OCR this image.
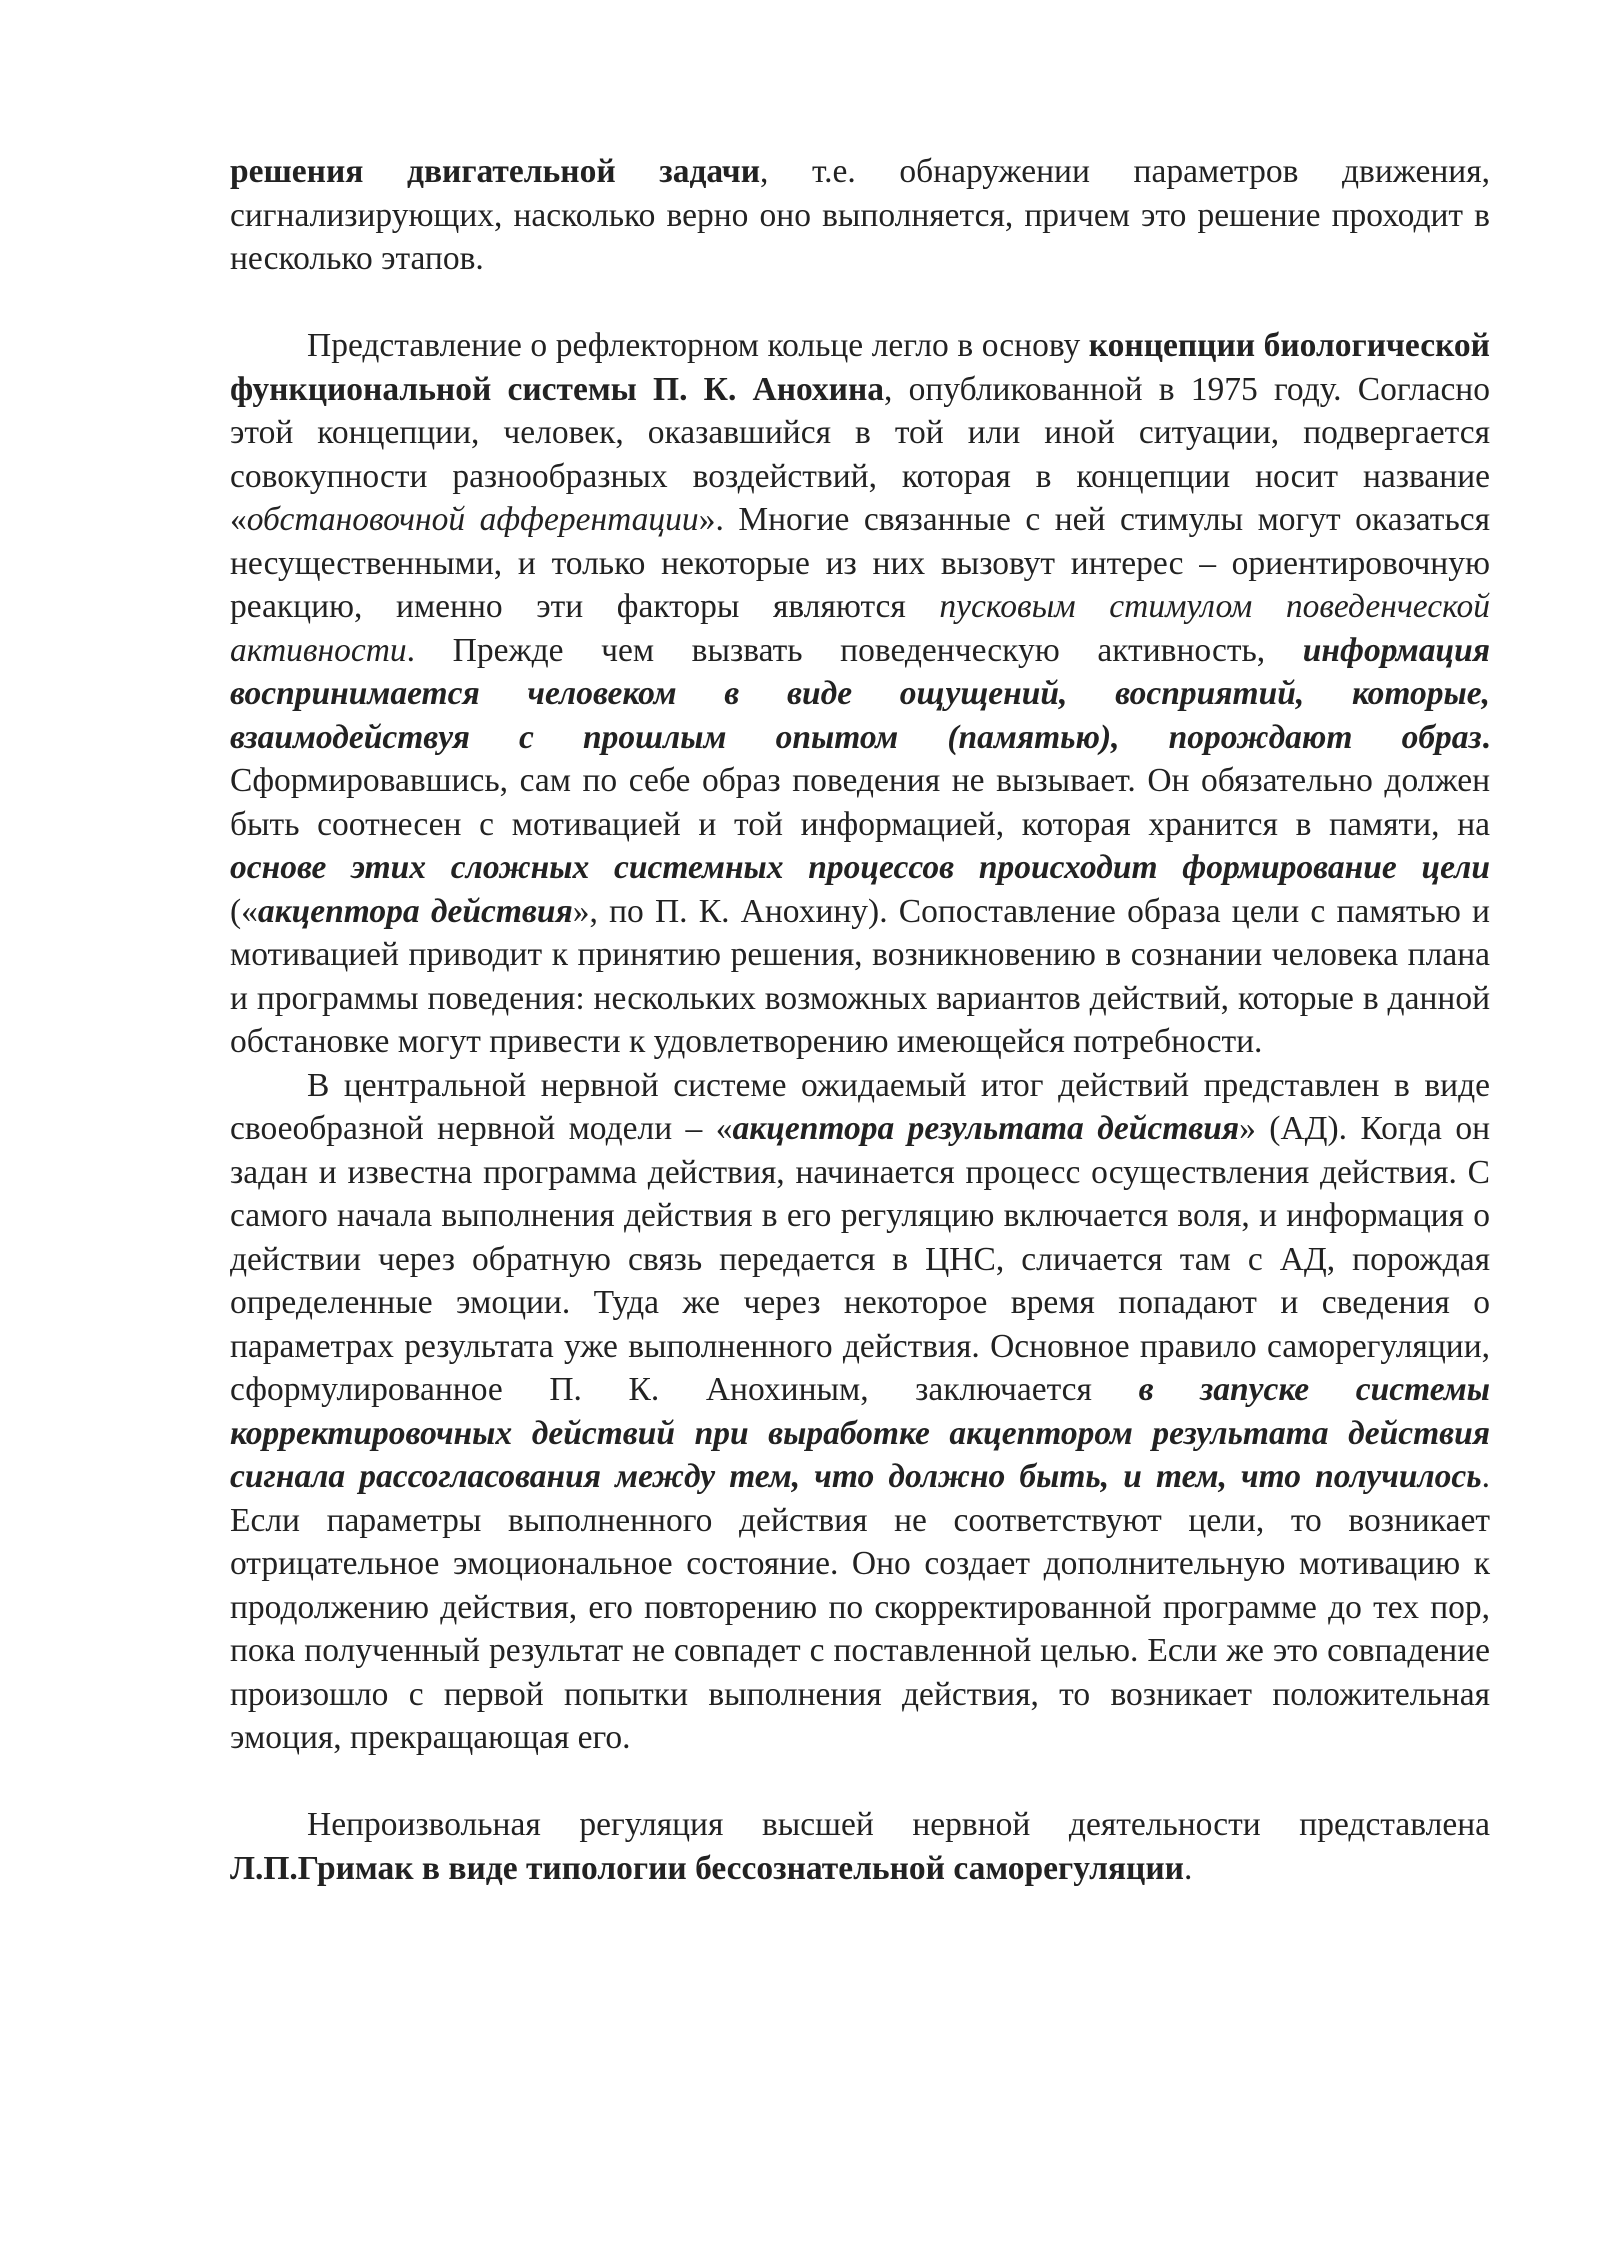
решения двигательной задачи, т.е. обнаружении параметров движения, сигнализирующих, насколько верно оно выполняется, причем это решение проходит в несколько этапов.

Представление о рефлекторном кольце легло в основу концепции биологической функциональной системы П. К. Анохина, опубликованной в 1975 году. Согласно этой концепции, человек, оказавшийся в той или иной ситуации, подвергается совокупности разнообразных воздействий, которая в концепции носит название «обстановочной афферентации». Многие связанные с ней стимулы могут оказаться несущественными, и только некоторые из них вызовут интерес – ориентировочную реакцию, именно эти факторы являются пусковым стимулом поведенческой активности. Прежде чем вызвать поведенческую активность, информация воспринимается человеком в виде ощущений, восприятий, которые, взаимодействуя с прошлым опытом (памятью), порождают образ. Сформировавшись, сам по себе образ поведения не вызывает. Он обязательно должен быть соотнесен с мотивацией и той информацией, которая хранится в памяти, на основе этих сложных системных процессов происходит формирование цели («акцептора действия», по П. К. Анохину). Сопоставление образа цели с памятью и мотивацией приводит к принятию решения, возникновению в сознании человека плана и программы поведения: нескольких возможных вариантов действий, которые в данной обстановке могут привести к удовлетворению имеющейся потребности.

В центральной нервной системе ожидаемый итог действий представлен в виде своеобразной нервной модели – «акцептора результата действия» (АД). Когда он задан и известна программа действия, начинается процесс осуществления действия. С самого начала выполнения действия в его регуляцию включается воля, и информация о действии через обратную связь передается в ЦНС, сличается там с АД, порождая определенные эмоции. Туда же через некоторое время попадают и сведения о параметрах результата уже выполненного действия. Основное правило саморегуляции, сформулированное П. К. Анохиным, заключается в запуске системы корректировочных действий при выработке акцептором результата действия сигнала рассогласования между тем, что должно быть, и тем, что получилось. Если параметры выполненного действия не соответствуют цели, то возникает отрицательное эмоциональное состояние. Оно создает дополнительную мотивацию к продолжению действия, его повторению по скорректированной программе до тех пор, пока полученный результат не совпадет с поставленной целью. Если же это совпадение произошло с первой попытки выполнения действия, то возникает положительная эмоция, прекращающая его.

Непроизвольная регуляция высшей нервной деятельности представлена Л.П.Гримак в виде типологии бессознательной саморегуляции.
